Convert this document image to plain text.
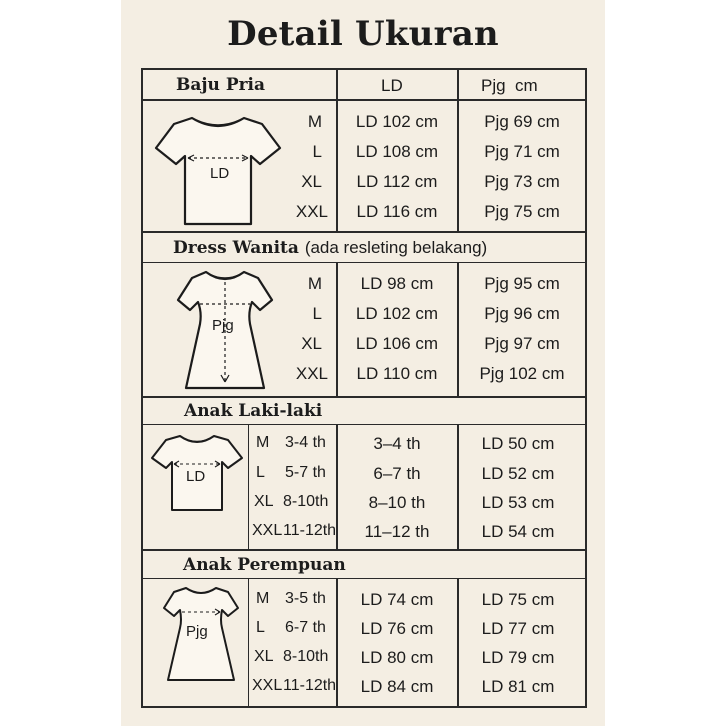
Detail Ukuran
Baju Pria	LD	Pjg  cm
LD
M	LD 102 cm	Pjg 69 cm
L	LD 108 cm	Pjg 71 cm
XL	LD 112 cm	Pjg 73 cm
XXL	LD 116 cm	Pjg 75 cm
Dress Wanita (ada resleting belakang)
Pjg
M	LD 98 cm	Pjg 95 cm
L	LD 102 cm	Pjg 96 cm
XL	LD 106 cm	Pjg 97 cm
XXL	LD 110 cm	Pjg 102 cm
Anak Laki-laki
LD
M 3-4 th	3–4 th	LD 50 cm
L 5-7 th	6–7 th	LD 52 cm
XL 8-10th	8–10 th	LD 53 cm
XXL 11-12th	11–12 th	LD 54 cm
Anak Perempuan
Pjg
M 3-5 th	LD 74 cm	LD 75 cm
L 6-7 th	LD 76 cm	LD 77 cm
XL 8-10th	LD 80 cm	LD 79 cm
XXL 11-12th	LD 84 cm	LD 81 cm
